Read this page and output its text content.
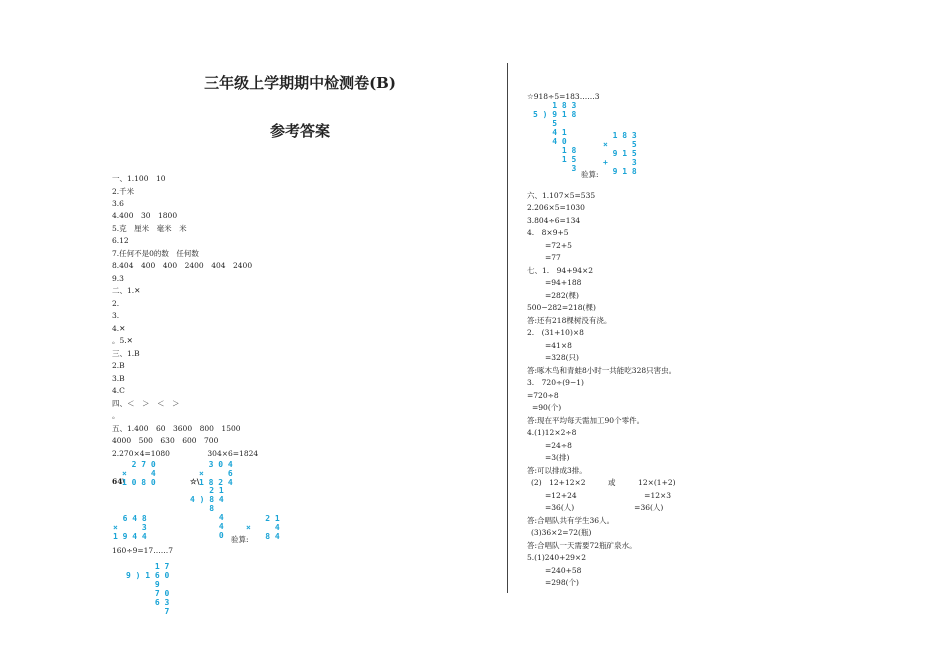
三年级上学期期中检测卷(B)
参考答案
一、1.100　10
2.千米
3.6
4.400　30　1800
5.克　厘米　毫米　米
6.12
7.任何不是0的数　任何数
8.404　400　400　2400　404　2400
9.3
二、1.✕
2.
3.
4.✕
。5.✕
三、1.B
2.B
3.B
4.C
四、＜　＞　＜　＞
。
五、1.400　60　3600　800　1500
4000　500　630　600　700
2.270×4=1080　　　　　304×6=1824
160÷9=17……7
64\
2 7 0
×     4
1 0 8 0	☆\
3 0 4
×     6
1 8 2 4
2 1
4 ) 8 4
8
4
4
0
6 4 8
×     3
1 9 4 4	验算:
2 1
×     4
8 4
1 7
9 ) 1 6 0
9
7 0
6 3
7
☆918÷5=183……3
1 8 3
5 ) 9 1 8
5
4 1
4 0
1 8
1 5
3
1 8 3
×     5
9 1 5
+     3
9 1 8
验算:
六、1.107×5=535
2.206×5=1030
3.804÷6=134
4.　8×9+5
=72+5
=77
七、1.　94+94×2
=94+188
=282(棵)
500−282=218(棵)
答:还有218棵树没有浇。
2.　(31+10)×8
=41×8
=328(只)
答:啄木鸟和青蛙8小时一共能吃328只害虫。
3.　720÷(9−1)
=720÷8
=90(个)
答:现在平均每天需加工90个零件。
4.(1)12×2÷8
=24÷8
=3(排)
答:可以排成3排。
(2)　12+12×2　　　或　　　12×(1+2)
=12+24　　　　　　　　　=12×3
=36(人)　　　　　　　　=36(人)
答:合唱队共有学生36人。
(3)36×2=72(瓶)
答:合唱队一天需要72瓶矿泉水。
5.(1)240+29×2
=240+58
=298(个)
